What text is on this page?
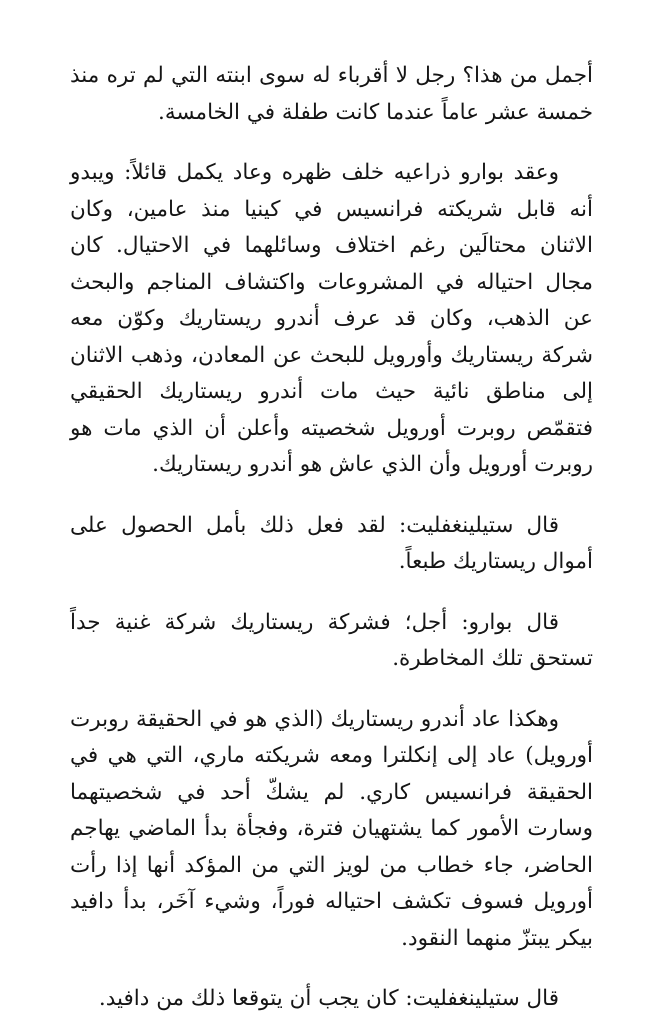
أجمل من هذا؟ رجل لا أقرباء له سوى ابنته التي لم تره منذ خمسة عشر عاماً عندما كانت طفلة في الخامسة.

وعقد بوارو ذراعيه خلف ظهره وعاد يكمل قائلاً: ويبدو أنه قابل شريكته فرانسيس في كينيا منذ عامين، وكان الاثنان محتالَين رغم اختلاف وسائلهما في الاحتيال. كان مجال احتياله في المشروعات واكتشاف المناجم والبحث عن الذهب، وكان قد عرف أندرو ريستاريك وكوّن معه شركة ريستاريك وأورويل للبحث عن المعادن، وذهب الاثنان إلى مناطق نائية حيث مات أندرو ريستاريك الحقيقي فتقمّص روبرت أورويل شخصيته وأعلن أن الذي مات هو روبرت أورويل وأن الذي عاش هو أندرو ريستاريك.

قال ستيلينغفليت: لقد فعل ذلك بأمل الحصول على أموال ريستاريك طبعاً.

قال بوارو: أجل؛ فشركة ريستاريك شركة غنية جداً تستحق تلك المخاطرة.

وهكذا عاد أندرو ريستاريك (الذي هو في الحقيقة روبرت أورويل) عاد إلى إنكلترا ومعه شريكته ماري، التي هي في الحقيقة فرانسيس كاري. لم يشكّ أحد في شخصيتهما وسارت الأمور كما يشتهيان فترة، وفجأة بدأ الماضي يهاجم الحاضر، جاء خطاب من لويز التي من المؤكد أنها إذا رأت أورويل فسوف تكشف احتياله فوراً، وشيء آخَر، بدأ دافيد بيكر يبتزّ منهما النقود.

قال ستيلينغفليت: كان يجب أن يتوقعا ذلك من دافيد.
